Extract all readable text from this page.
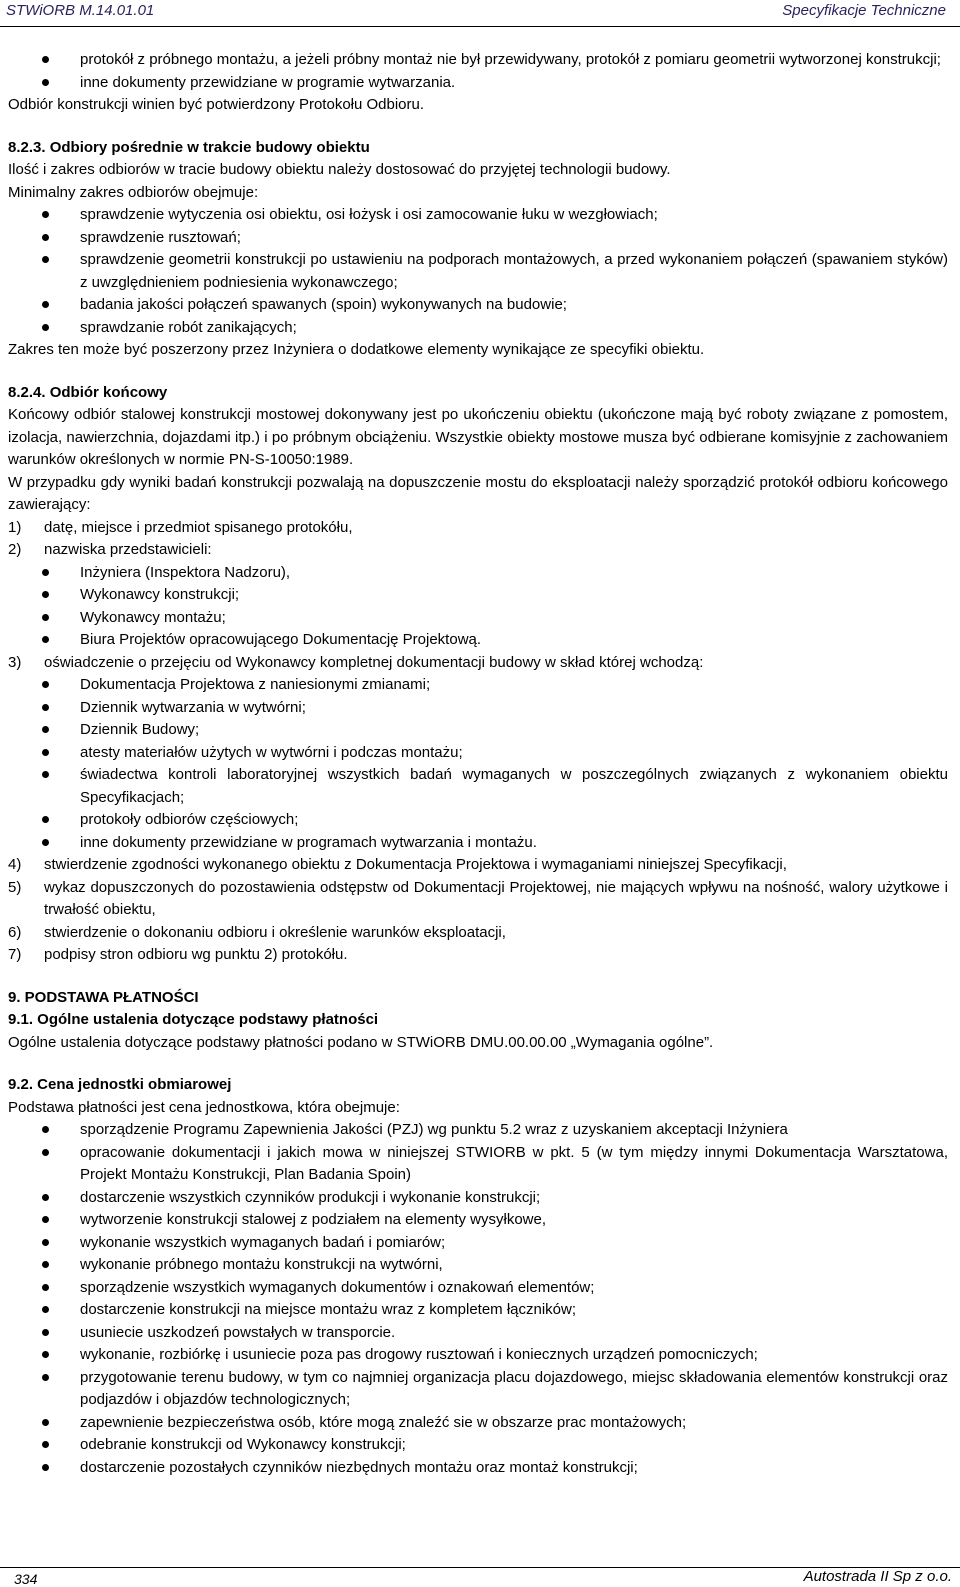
STWiORB M.14.01.01	Specyfikacje Techniczne
protokół z próbnego montażu, a jeżeli próbny montaż nie był przewidywany, protokół z pomiaru geometrii wytworzonej konstrukcji;
inne dokumenty przewidziane w programie wytwarzania.

Odbiór konstrukcji winien być potwierdzony Protokołu Odbioru.

8.2.3. Odbiory pośrednie w trakcie budowy obiektu

Ilość i zakres odbiorów w tracie budowy obiektu należy dostosować do przyjętej technologii budowy.

Minimalny zakres odbiorów obejmuje:

sprawdzenie wytyczenia osi obiektu, osi łożysk i osi zamocowanie łuku w wezgłowiach;
sprawdzenie rusztowań;
sprawdzenie geometrii konstrukcji po ustawieniu na podporach montażowych, a przed wykonaniem połączeń (spawaniem styków) z uwzględnieniem podniesienia wykonawczego;
badania jakości połączeń spawanych (spoin) wykonywanych na budowie;
sprawdzanie robót zanikających;

Zakres ten może być poszerzony przez Inżyniera o dodatkowe elementy wynikające ze specyfiki obiektu.

8.2.4. Odbiór końcowy

Końcowy odbiór stalowej konstrukcji mostowej dokonywany jest po ukończeniu obiektu (ukończone mają być roboty związane z pomostem, izolacja, nawierzchnia, dojazdami itp.) i po próbnym obciążeniu. Wszystkie obiekty mostowe musza być odbierane komisyjnie z zachowaniem warunków określonych w normie PN-S-10050:1989.

W przypadku gdy wyniki badań konstrukcji pozwalają na dopuszczenie mostu do eksploatacji należy sporządzić protokół odbioru końcowego zawierający:

1) datę, miejsce i przedmiot spisanego protokółu,
2) nazwiska przedstawicieli:
Inżyniera (Inspektora Nadzoru),
Wykonawcy konstrukcji;
Wykonawcy montażu;
Biura Projektów opracowującego Dokumentację Projektową.
3) oświadczenie o przejęciu od Wykonawcy kompletnej dokumentacji budowy w skład której wchodzą:
Dokumentacja Projektowa z naniesionymi zmianami;
Dziennik wytwarzania w wytwórni;
Dziennik Budowy;
atesty materiałów użytych w wytwórni i podczas montażu;
świadectwa kontroli laboratoryjnej wszystkich badań wymaganych w poszczególnych związanych z wykonaniem obiektu Specyfikacjach;
protokoły odbiorów częściowych;
inne dokumenty przewidziane w programach wytwarzania i montażu.
4) stwierdzenie zgodności wykonanego obiektu z Dokumentacja Projektowa i wymaganiami niniejszej Specyfikacji,
5) wykaz dopuszczonych do pozostawienia odstępstw od Dokumentacji Projektowej, nie mających wpływu na nośność, walory użytkowe i trwałość obiektu,
6) stwierdzenie o dokonaniu odbioru i określenie warunków eksploatacji,
7) podpisy stron odbioru wg punktu 2) protokółu.

9. PODSTAWA PŁATNOŚCI

9.1. Ogólne ustalenia dotyczące podstawy płatności

Ogólne ustalenia dotyczące podstawy płatności podano w STWiORB DMU.00.00.00 „Wymagania ogólne”.

9.2. Cena jednostki obmiarowej

Podstawa płatności jest cena jednostkowa, która obejmuje:

sporządzenie Programu Zapewnienia Jakości (PZJ) wg punktu 5.2 wraz z uzyskaniem akceptacji Inżyniera
opracowanie dokumentacji i jakich mowa w niniejszej STWIORB w pkt. 5 (w tym między innymi Dokumentacja Warsztatowa, Projekt Montażu Konstrukcji, Plan Badania Spoin)
dostarczenie wszystkich czynników produkcji i wykonanie konstrukcji;
wytworzenie konstrukcji stalowej z podziałem na elementy wysyłkowe,
wykonanie wszystkich wymaganych badań i pomiarów;
wykonanie próbnego montażu konstrukcji na wytwórni,
sporządzenie wszystkich wymaganych dokumentów i oznakowań elementów;
dostarczenie konstrukcji na miejsce montażu wraz z kompletem łączników;
usuniecie uszkodzeń powstałych w transporcie.
wykonanie, rozbiórkę i usuniecie poza pas drogowy rusztowań i koniecznych urządzeń pomocniczych;
przygotowanie terenu budowy, w tym co najmniej organizacja placu dojazdowego, miejsc składowania elementów konstrukcji oraz podjazdów i objazdów technologicznych;
zapewnienie bezpieczeństwa osób, które mogą znaleźć sie w obszarze prac montażowych;
odebranie konstrukcji od Wykonawcy konstrukcji;
dostarczenie pozostałych czynników niezbędnych montażu oraz montaż konstrukcji;
334	Autostrada II Sp z o.o.
